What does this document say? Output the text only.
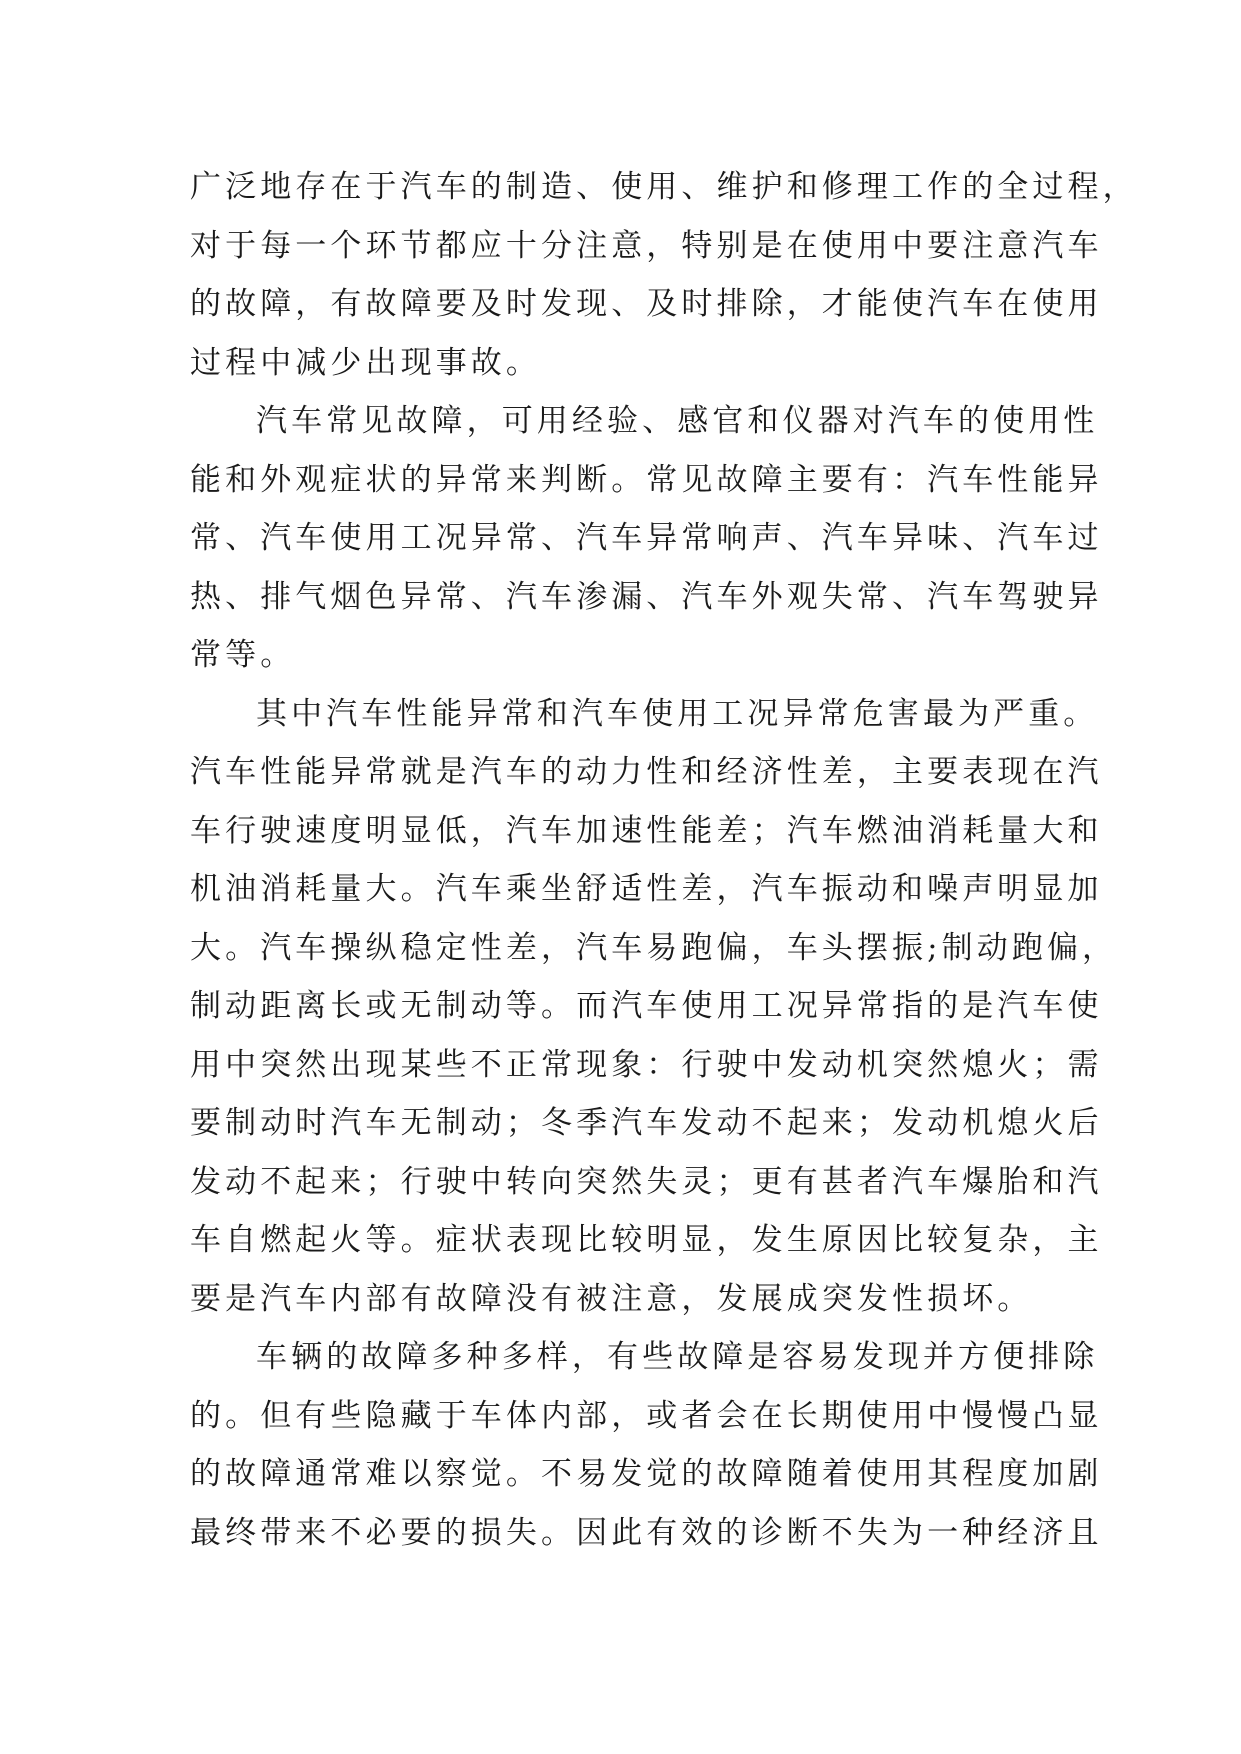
广泛地存在于汽车的制造、使用、维护和修理工作的全过程，
对于每一个环节都应十分注意，特别是在使用中要注意汽车
的故障，有故障要及时发现、及时排除，才能使汽车在使用
过程中减少出现事故。
汽车常见故障，可用经验、感官和仪器对汽车的使用性
能和外观症状的异常来判断。常见故障主要有：汽车性能异
常、汽车使用工况异常、汽车异常响声、汽车异味、汽车过
热、排气烟色异常、汽车渗漏、汽车外观失常、汽车驾驶异
常等。
其中汽车性能异常和汽车使用工况异常危害最为严重。
汽车性能异常就是汽车的动力性和经济性差，主要表现在汽
车行驶速度明显低，汽车加速性能差；汽车燃油消耗量大和
机油消耗量大。汽车乘坐舒适性差，汽车振动和噪声明显加
大。汽车操纵稳定性差，汽车易跑偏，车头摆振;制动跑偏，
制动距离长或无制动等。而汽车使用工况异常指的是汽车使
用中突然出现某些不正常现象：行驶中发动机突然熄火；需
要制动时汽车无制动；冬季汽车发动不起来；发动机熄火后
发动不起来；行驶中转向突然失灵；更有甚者汽车爆胎和汽
车自燃起火等。症状表现比较明显，发生原因比较复杂，主
要是汽车内部有故障没有被注意，发展成突发性损坏。
车辆的故障多种多样，有些故障是容易发现并方便排除
的。但有些隐藏于车体内部，或者会在长期使用中慢慢凸显
的故障通常难以察觉。不易发觉的故障随着使用其程度加剧
最终带来不必要的损失。因此有效的诊断不失为一种经济且
